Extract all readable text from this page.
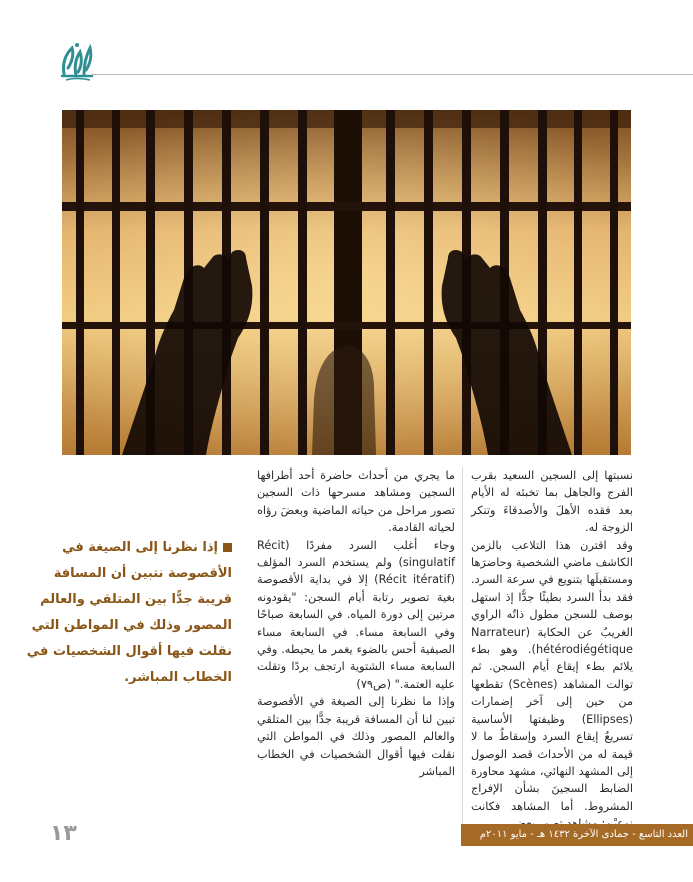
نسبتها إلى السجين السعيد بقرب الفرج والجاهل بما تخبئه له الأيام بعد فقده الأهلَ والأصدقاءَ وتنكر الزوجة له.

وقد اقترن هذا التلاعب بالزمن الكاشف ماضي الشخصية وحاضرَها ومستقبلَها بتنويع في سرعة السرد. فقد بدأ السرد بطيئًا جدًّا إذ استهل بوصف للسجن مطول ذاتُه الراوي الغريبُ عن الحكاية (Narrateur hétérodiégétique). وهو بطء يلائم بطء إيقاع أيام السجن. ثم توالت المشاهد (Scènes) تقطعها من حين إلى آخر إضمارات (Ellipses) وظيفتها الأساسية تسريعُ إيقاع السرد وإسقاطُ ما لا قيمة له من الأحداث قصد الوصول إلى المشهد النهائي، مشهد محاورة الضابط السجينَ بشأن الإفراج المشروط. أما المشاهد فكانت

ما يجري من أحداث حاضرة أحد أطرافها السجين ومشاهد مسرحها ذات السجين تصور مراحل من حياته الماضية وبعضَ رؤاه لحياته القادمة.

وجاء أغلب السرد مفردًا (Récit singulatif) ولم يستخدم السرد المؤلف (Récit itératif) إلا في بداية الأقصوصة بغية تصوير رتابة أيام السجن: "يقودونه مرتين إلى دورة المياه. في السابعة صباحًا وفي السابعة مساء. في السابعة مساء الصيفية أحس بالضوء يغمر ما يحيطه. وفي السابعة مساء الشتوية ارتجف بردًا وتقلت عليه العتمة." (ص٧٩)

وإذا ما نظرنا إلى الصيغة في الأقصوصة تبين لنا أن المسافة قريبة جدًّا بين المتلقي والعالم المصور وذلك في المواطن التي نقلت فيها أقوال الشخصيات في الخطاب المباشر

إذا نظرنا إلى الصيغة في الأقصوصة نتبين أن المسافة قريبة جدًّا بين المتلقي والعالم المصور وذلك في المواطن التي نقلت فيها أقوال الشخصيات في الخطاب المباشر.
العدد التاسع - جمادى الآخرة ١٤٣٢ هـ - مايو ٢٠١١م
١٣
